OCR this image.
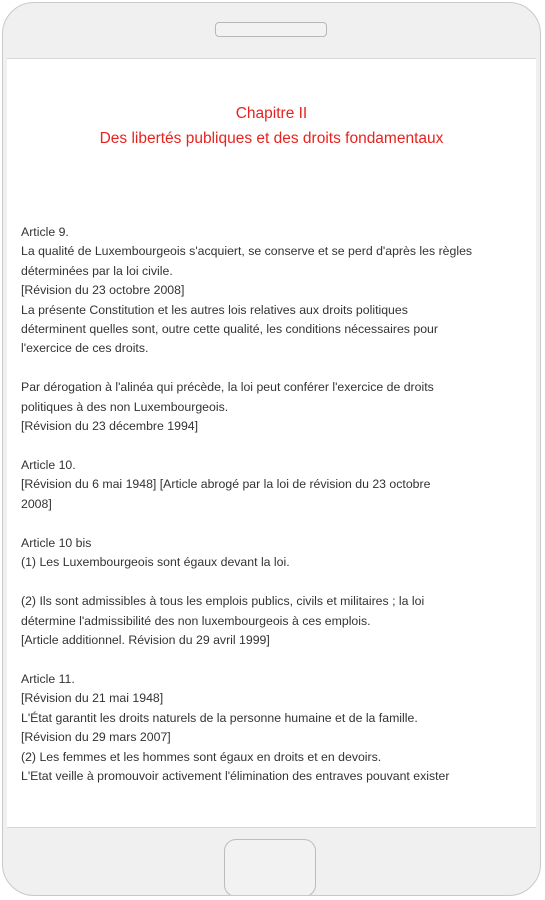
Chapitre II
Des libertés publiques et des droits fondamentaux
Article 9.
La qualité de Luxembourgeois s'acquiert, se conserve et se perd d'après les règles
déterminées par la loi civile.
[Révision du 23 octobre 2008]
La présente Constitution et les autres lois relatives aux droits politiques
déterminent quelles sont, outre cette qualité, les conditions nécessaires pour
l'exercice de ces droits.
Par dérogation à l'alinéa qui précède, la loi peut conférer l'exercice de droits
politiques à des non Luxembourgeois.
[Révision du 23 décembre 1994]
Article 10.
[Révision du 6 mai 1948] [Article abrogé par la loi de révision du 23 octobre
2008]
Article 10 bis
(1) Les Luxembourgeois sont égaux devant la loi.
(2) Ils sont admissibles à tous les emplois publics, civils et militaires ; la loi
détermine l'admissibilité des non luxembourgeois à ces emplois.
[Article additionnel. Révision du 29 avril 1999]
Article 11.
[Révision du 21 mai 1948]
L'État garantit les droits naturels de la personne humaine et de la famille.
[Révision du 29 mars 2007]
(2) Les femmes et les hommes sont égaux en droits et en devoirs.
L'Etat veille à promouvoir activement l'élimination des entraves pouvant exister
